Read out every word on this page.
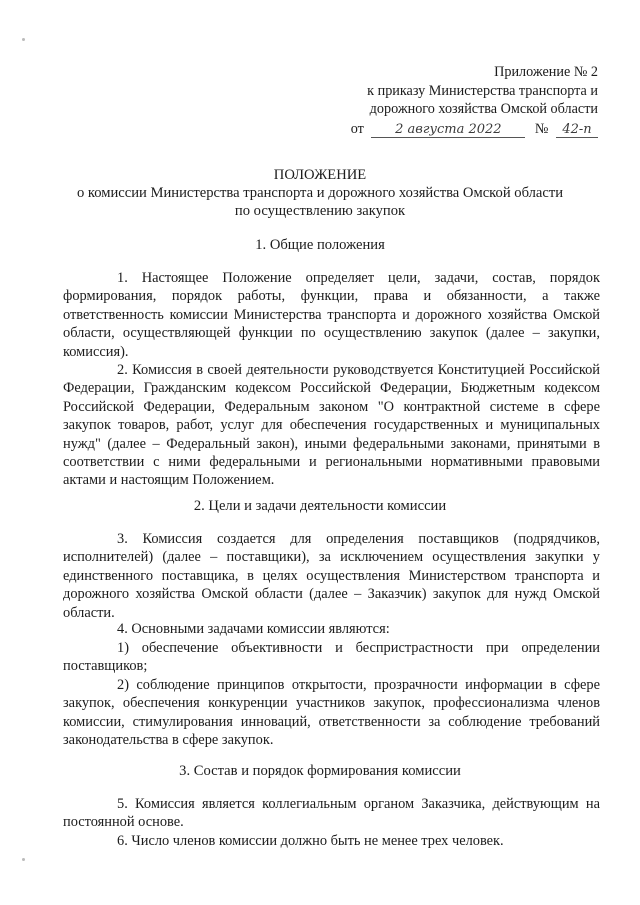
Приложение № 2
к приказу Министерства транспорта и
дорожного хозяйства Омской области
от 2 августа 2022 № 42-п
ПОЛОЖЕНИЕ
о комиссии Министерства транспорта и дорожного хозяйства Омской области
по осуществлению закупок
1. Общие положения

1. Настоящее Положение определяет цели, задачи, состав, порядок формирования, порядок работы, функции, права и обязанности, а также ответственность комиссии Министерства транспорта и дорожного хозяйства Омской области, осуществляющей функции по осуществлению закупок (далее – закупки, комиссия).

2. Комиссия в своей деятельности руководствуется Конституцией Российской Федерации, Гражданским кодексом Российской Федерации, Бюджетным кодексом Российской Федерации, Федеральным законом "О контрактной системе в сфере закупок товаров, работ, услуг для обеспечения государственных и муниципальных нужд" (далее – Федеральный закон), иными федеральными законами, принятыми в соответствии с ними федеральными и региональными нормативными правовыми актами и настоящим Положением.

2. Цели и задачи деятельности комиссии

3. Комиссия создается для определения поставщиков (подрядчиков, исполнителей) (далее – поставщики), за исключением осуществления закупки у единственного поставщика, в целях осуществления Министерством транспорта и дорожного хозяйства Омской области (далее – Заказчик) закупок для нужд Омской области.

4. Основными задачами комиссии являются:

1) обеспечение объективности и беспристрастности при определении поставщиков;

2) соблюдение принципов открытости, прозрачности информации в сфере закупок, обеспечения конкуренции участников закупок, профессионализма членов комиссии, стимулирования инноваций, ответственности за соблюдение требований законодательства в сфере закупок.

3. Состав и порядок формирования комиссии

5. Комиссия является коллегиальным органом Заказчика, действующим на постоянной основе.

6. Число членов комиссии должно быть не менее трех человек.
